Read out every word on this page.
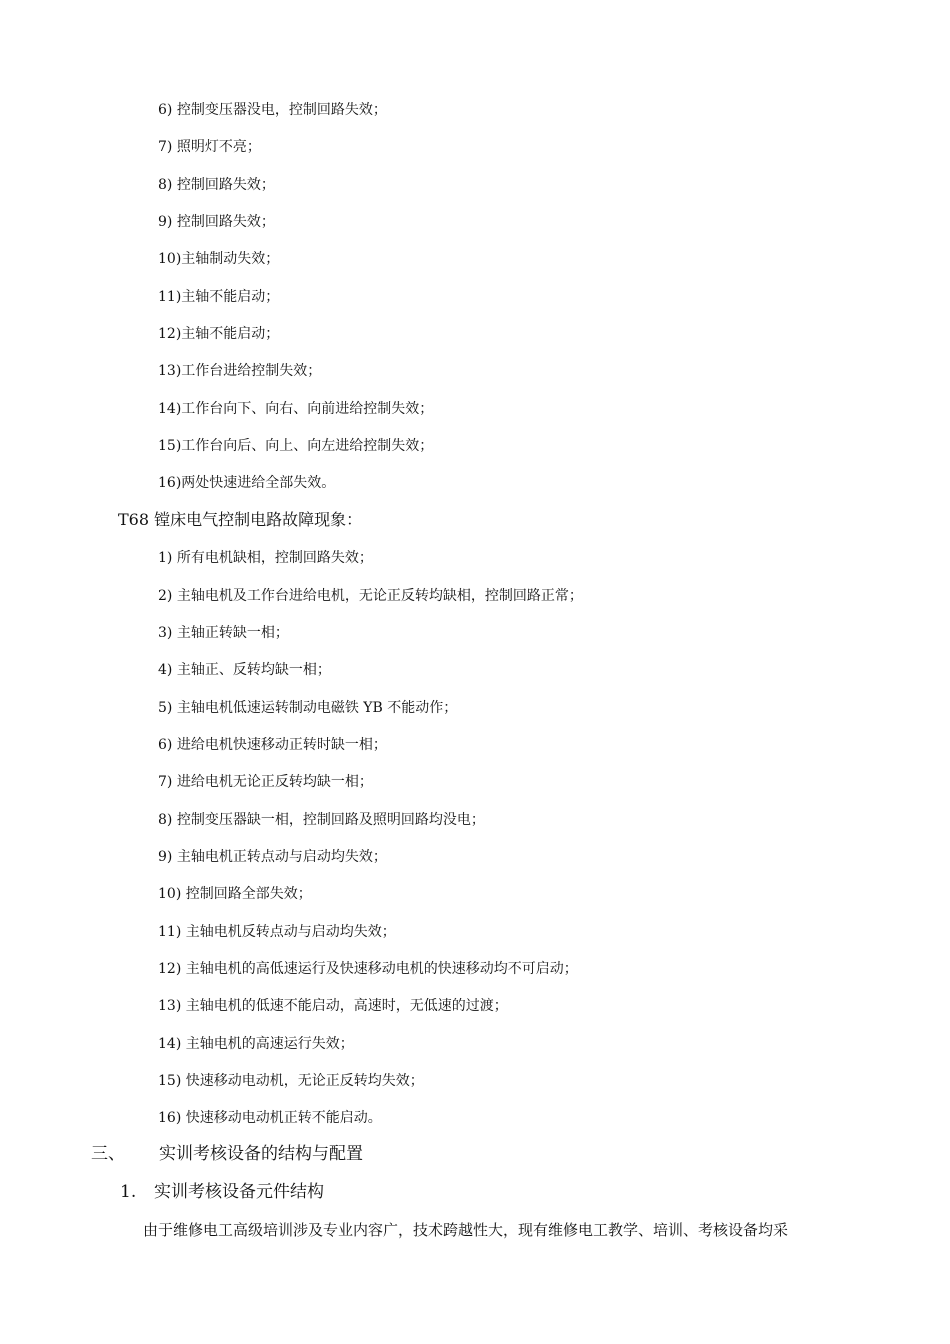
6) 控制变压器没电，控制回路失效；
7) 照明灯不亮；
8) 控制回路失效；
9) 控制回路失效；
10)主轴制动失效；
11)主轴不能启动；
12)主轴不能启动；
13)工作台进给控制失效；
14)工作台向下、向右、向前进给控制失效；
15)工作台向后、向上、向左进给控制失效；
16)两处快速进给全部失效。
T68 镗床电气控制电路故障现象：
1) 所有电机缺相，控制回路失效；
2) 主轴电机及工作台进给电机，无论正反转均缺相，控制回路正常；
3) 主轴正转缺一相；
4) 主轴正、反转均缺一相；
5) 主轴电机低速运转制动电磁铁 YB 不能动作；
6) 进给电机快速移动正转时缺一相；
7) 进给电机无论正反转均缺一相；
8) 控制变压器缺一相，控制回路及照明回路均没电；
9) 主轴电机正转点动与启动均失效；
10) 控制回路全部失效；
11) 主轴电机反转点动与启动均失效；
12) 主轴电机的高低速运行及快速移动电机的快速移动均不可启动；
13) 主轴电机的低速不能启动，高速时，无低速的过渡；
14) 主轴电机的高速运行失效；
15) 快速移动电动机，无论正反转均失效；
16) 快速移动电动机正转不能启动。
三、 实训考核设备的结构与配置
1. 实训考核设备元件结构
由于维修电工高级培训涉及专业内容广，技术跨越性大，现有维修电工教学、培训、考核设备均采
